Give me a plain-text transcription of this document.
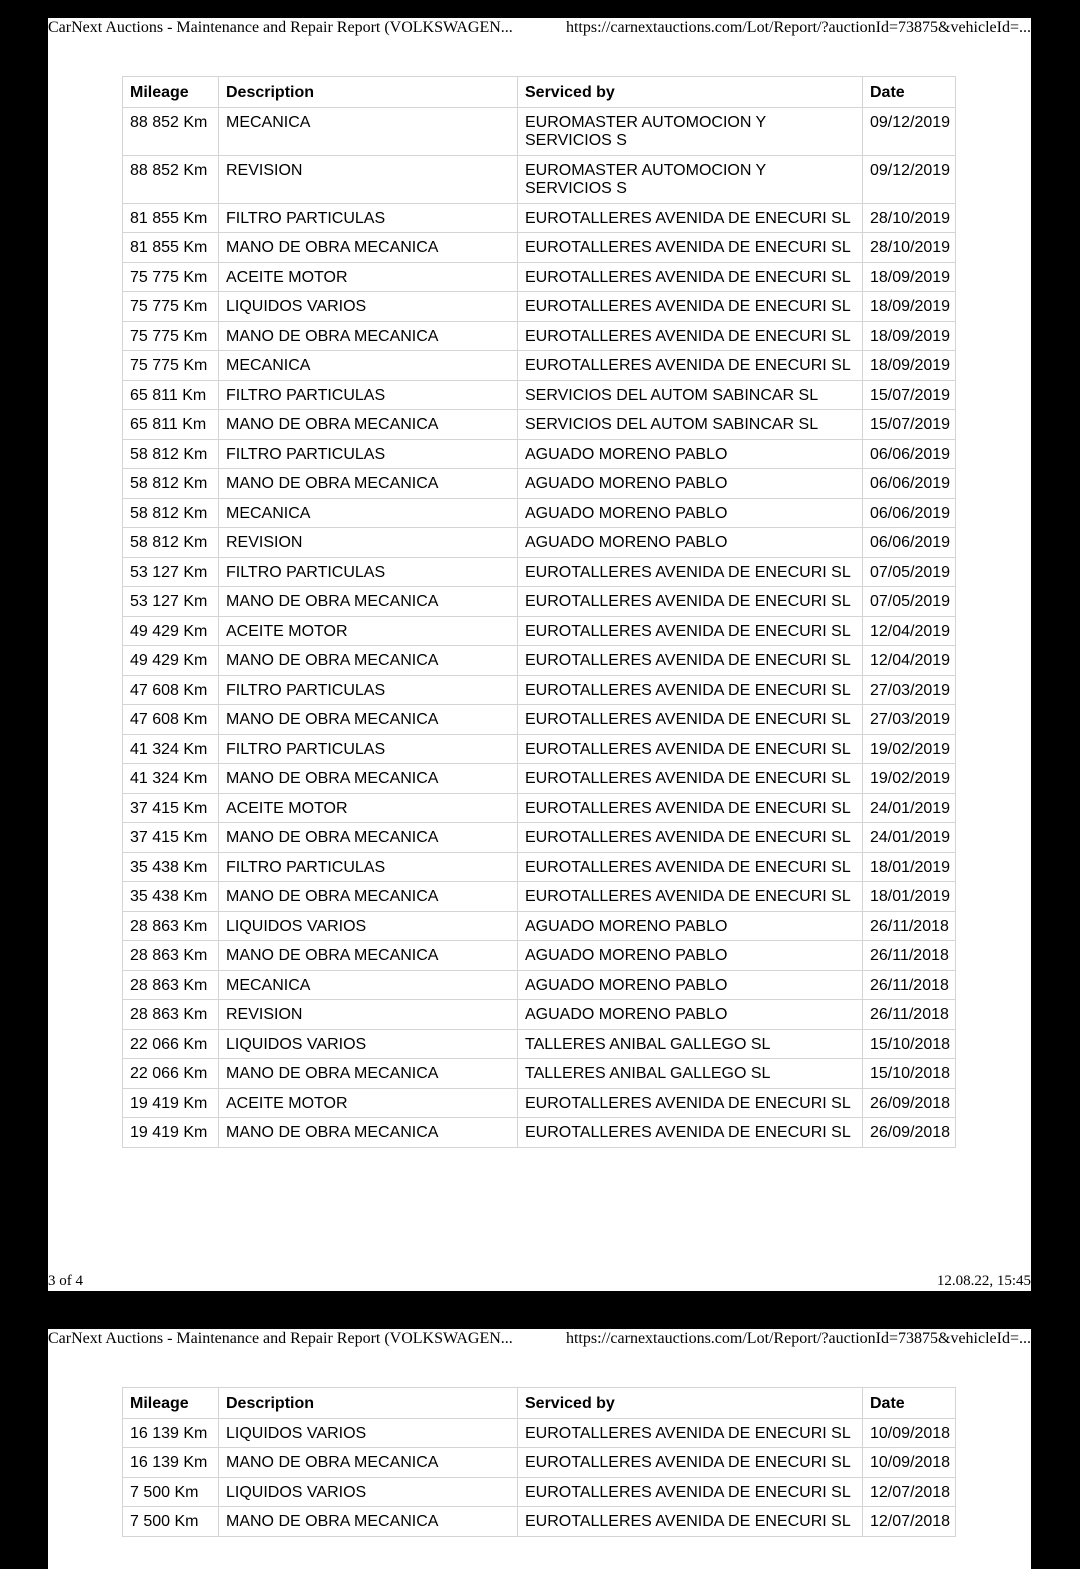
CarNext Auctions - Maintenance and Repair Report (VOLKSWAGEN...	https://carnextauctions.com/Lot/Report/?auctionId=73875&vehicleId=...
Mileage	Description	Serviced by	Date
88 852 Km	MECANICA	EUROMASTER AUTOMOCION Y SERVICIOS S	09/12/2019
88 852 Km	REVISION	EUROMASTER AUTOMOCION Y SERVICIOS S	09/12/2019
81 855 Km	FILTRO PARTICULAS	EUROTALLERES AVENIDA DE ENECURI SL	28/10/2019
81 855 Km	MANO DE OBRA MECANICA	EUROTALLERES AVENIDA DE ENECURI SL	28/10/2019
75 775 Km	ACEITE MOTOR	EUROTALLERES AVENIDA DE ENECURI SL	18/09/2019
75 775 Km	LIQUIDOS VARIOS	EUROTALLERES AVENIDA DE ENECURI SL	18/09/2019
75 775 Km	MANO DE OBRA MECANICA	EUROTALLERES AVENIDA DE ENECURI SL	18/09/2019
75 775 Km	MECANICA	EUROTALLERES AVENIDA DE ENECURI SL	18/09/2019
65 811 Km	FILTRO PARTICULAS	SERVICIOS DEL AUTOM SABINCAR SL	15/07/2019
65 811 Km	MANO DE OBRA MECANICA	SERVICIOS DEL AUTOM SABINCAR SL	15/07/2019
58 812 Km	FILTRO PARTICULAS	AGUADO MORENO PABLO	06/06/2019
58 812 Km	MANO DE OBRA MECANICA	AGUADO MORENO PABLO	06/06/2019
58 812 Km	MECANICA	AGUADO MORENO PABLO	06/06/2019
58 812 Km	REVISION	AGUADO MORENO PABLO	06/06/2019
53 127 Km	FILTRO PARTICULAS	EUROTALLERES AVENIDA DE ENECURI SL	07/05/2019
53 127 Km	MANO DE OBRA MECANICA	EUROTALLERES AVENIDA DE ENECURI SL	07/05/2019
49 429 Km	ACEITE MOTOR	EUROTALLERES AVENIDA DE ENECURI SL	12/04/2019
49 429 Km	MANO DE OBRA MECANICA	EUROTALLERES AVENIDA DE ENECURI SL	12/04/2019
47 608 Km	FILTRO PARTICULAS	EUROTALLERES AVENIDA DE ENECURI SL	27/03/2019
47 608 Km	MANO DE OBRA MECANICA	EUROTALLERES AVENIDA DE ENECURI SL	27/03/2019
41 324 Km	FILTRO PARTICULAS	EUROTALLERES AVENIDA DE ENECURI SL	19/02/2019
41 324 Km	MANO DE OBRA MECANICA	EUROTALLERES AVENIDA DE ENECURI SL	19/02/2019
37 415 Km	ACEITE MOTOR	EUROTALLERES AVENIDA DE ENECURI SL	24/01/2019
37 415 Km	MANO DE OBRA MECANICA	EUROTALLERES AVENIDA DE ENECURI SL	24/01/2019
35 438 Km	FILTRO PARTICULAS	EUROTALLERES AVENIDA DE ENECURI SL	18/01/2019
35 438 Km	MANO DE OBRA MECANICA	EUROTALLERES AVENIDA DE ENECURI SL	18/01/2019
28 863 Km	LIQUIDOS VARIOS	AGUADO MORENO PABLO	26/11/2018
28 863 Km	MANO DE OBRA MECANICA	AGUADO MORENO PABLO	26/11/2018
28 863 Km	MECANICA	AGUADO MORENO PABLO	26/11/2018
28 863 Km	REVISION	AGUADO MORENO PABLO	26/11/2018
22 066 Km	LIQUIDOS VARIOS	TALLERES ANIBAL GALLEGO SL	15/10/2018
22 066 Km	MANO DE OBRA MECANICA	TALLERES ANIBAL GALLEGO SL	15/10/2018
19 419 Km	ACEITE MOTOR	EUROTALLERES AVENIDA DE ENECURI SL	26/09/2018
19 419 Km	MANO DE OBRA MECANICA	EUROTALLERES AVENIDA DE ENECURI SL	26/09/2018
3 of 4	12.08.22, 15:45
CarNext Auctions - Maintenance and Repair Report (VOLKSWAGEN...	https://carnextauctions.com/Lot/Report/?auctionId=73875&vehicleId=...
Mileage	Description	Serviced by	Date
16 139 Km	LIQUIDOS VARIOS	EUROTALLERES AVENIDA DE ENECURI SL	10/09/2018
16 139 Km	MANO DE OBRA MECANICA	EUROTALLERES AVENIDA DE ENECURI SL	10/09/2018
7 500 Km	LIQUIDOS VARIOS	EUROTALLERES AVENIDA DE ENECURI SL	12/07/2018
7 500 Km	MANO DE OBRA MECANICA	EUROTALLERES AVENIDA DE ENECURI SL	12/07/2018
